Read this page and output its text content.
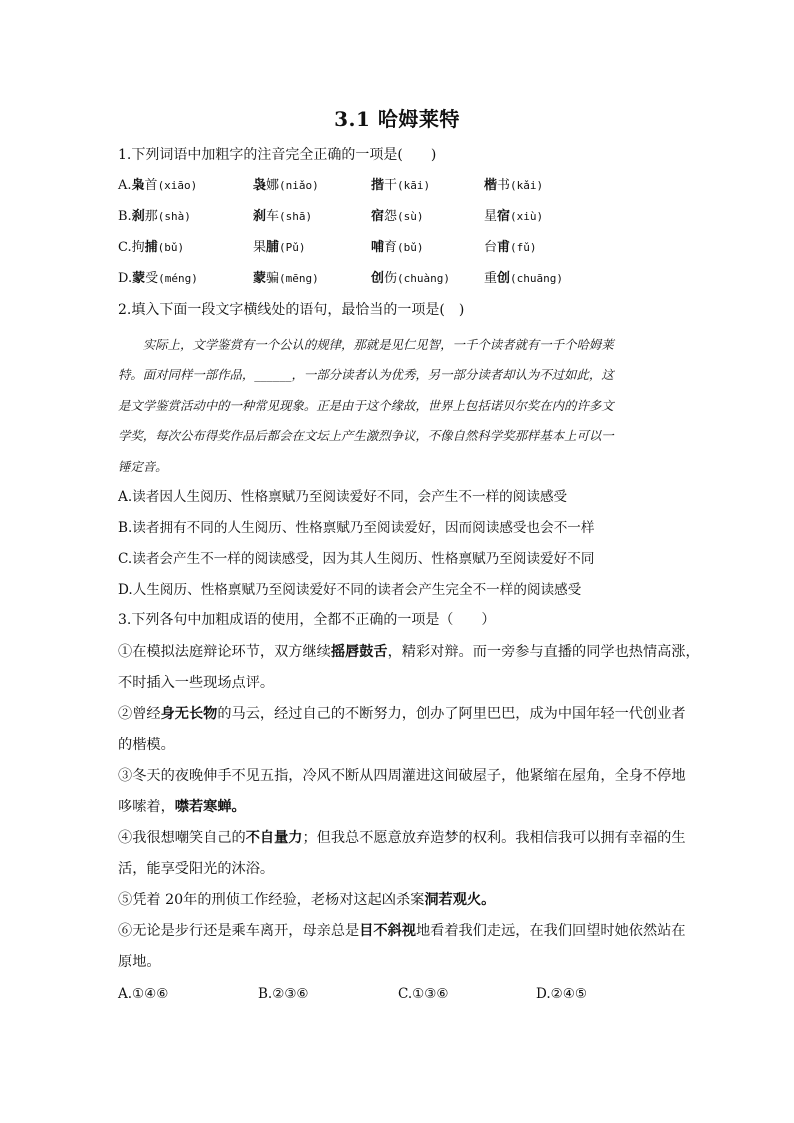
3.1 哈姆莱特
1.下列词语中加粗字的注音完全正确的一项是(　　)
A.枭首(xiāo)	袅娜(niǎo)	揩干(kāi)	楷书(kǎi)
B.刹那(shà)	刹车(shā)	宿怨(sù)	星宿(xiù)
C.拘捕(bǔ)	果脯(Pǔ)	哺育(bǔ)	台甫(fǔ)
D.蒙受(méng)	蒙骗(mēng)	创伤(chuàng)	重创(chuāng)
2.填入下面一段文字横线处的语句，最恰当的一项是(　)
　　实际上，文学鉴赏有一个公认的规律，那就是见仁见智，一千个读者就有一千个哈姆莱
特。面对同样一部作品，______，一部分读者认为优秀，另一部分读者却认为不过如此，这
是文学鉴赏活动中的一种常见现象。正是由于这个缘故，世界上包括诺贝尔奖在内的许多文
学奖，每次公布得奖作品后都会在文坛上产生激烈争议，不像自然科学奖那样基本上可以一
锤定音。
A.读者因人生阅历、性格禀赋乃至阅读爱好不同，会产生不一样的阅读感受
B.读者拥有不同的人生阅历、性格禀赋乃至阅读爱好，因而阅读感受也会不一样
C.读者会产生不一样的阅读感受，因为其人生阅历、性格禀赋乃至阅读爱好不同
D.人生阅历、性格禀赋乃至阅读爱好不同的读者会产生完全不一样的阅读感受
3.下列各句中加粗成语的使用，全都不正确的一项是（　　）
①在模拟法庭辩论环节，双方继续摇唇鼓舌，精彩对辩。而一旁参与直播的同学也热情高涨，
不时插入一些现场点评。
②曾经身无长物的马云，经过自己的不断努力，创办了阿里巴巴，成为中国年轻一代创业者
的楷模。
③冬天的夜晚伸手不见五指，冷风不断从四周灌进这间破屋子，他紧缩在屋角，全身不停地
哆嗦着，噤若寒蝉。
④我很想嘲笑自己的不自量力；但我总不愿意放弃造梦的权利。我相信我可以拥有幸福的生
活，能享受阳光的沐浴。
⑤凭着 20年的刑侦工作经验，老杨对这起凶杀案洞若观火。
⑥无论是步行还是乘车离开，母亲总是目不斜视地看着我们走远，在我们回望时她依然站在
原地。
A.①④⑥	B.②③⑥	C.①③⑥	D.②④⑤
